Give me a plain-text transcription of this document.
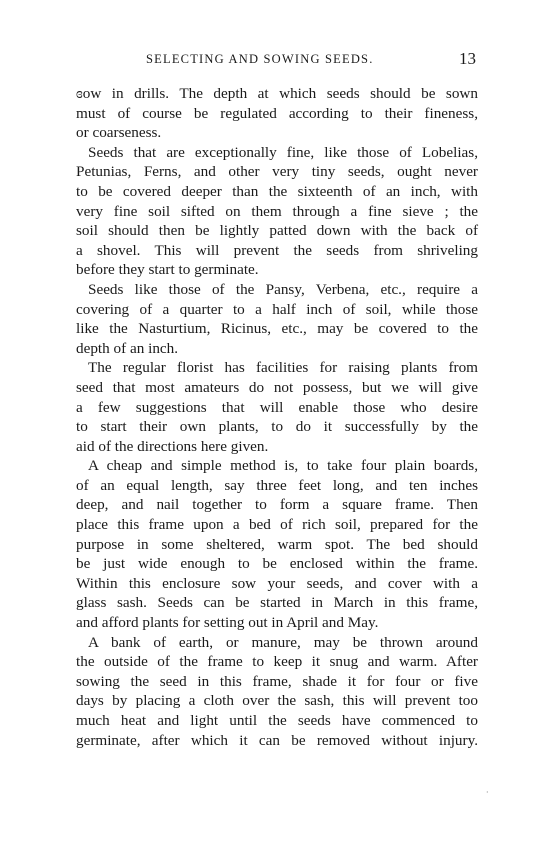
SELECTING AND SOWING SEEDS.	13
ɞow in drills. The depth at which seeds should be sown
must of course be regulated according to their fineness,
or coarseness.
Seeds that are exceptionally fine, like those of Lobelias,
Petunias, Ferns, and other very tiny seeds, ought never
to be covered deeper than the sixteenth of an inch, with
very fine soil sifted on them through a fine sieve ; the
soil should then be lightly patted down with the back of
a shovel. This will prevent the seeds from shriveling
before they start to germinate.
Seeds like those of the Pansy, Verbena, etc., require a
covering of a quarter to a half inch of soil, while those
like the Nasturtium, Ricinus, etc., may be covered to the
depth of an inch.
The regular florist has facilities for raising plants from
seed that most amateurs do not possess, but we will give
a few suggestions that will enable those who desire
to start their own plants, to do it successfully by the
aid of the directions here given.
A cheap and simple method is, to take four plain boards,
of an equal length, say three feet long, and ten inches
deep, and nail together to form a square frame. Then
place this frame upon a bed of rich soil, prepared for the
purpose in some sheltered, warm spot. The bed should
be just wide enough to be enclosed within the frame.
Within this enclosure sow your seeds, and cover with a
glass sash. Seeds can be started in March in this frame,
and afford plants for setting out in April and May.
A bank of earth, or manure, may be thrown around
the outside of the frame to keep it snug and warm. After
sowing the seed in this frame, shade it for four or five
days by placing a cloth over the sash, this will prevent too
much heat and light until the seeds have commenced to
germinate, after which it can be removed without injury.
·
